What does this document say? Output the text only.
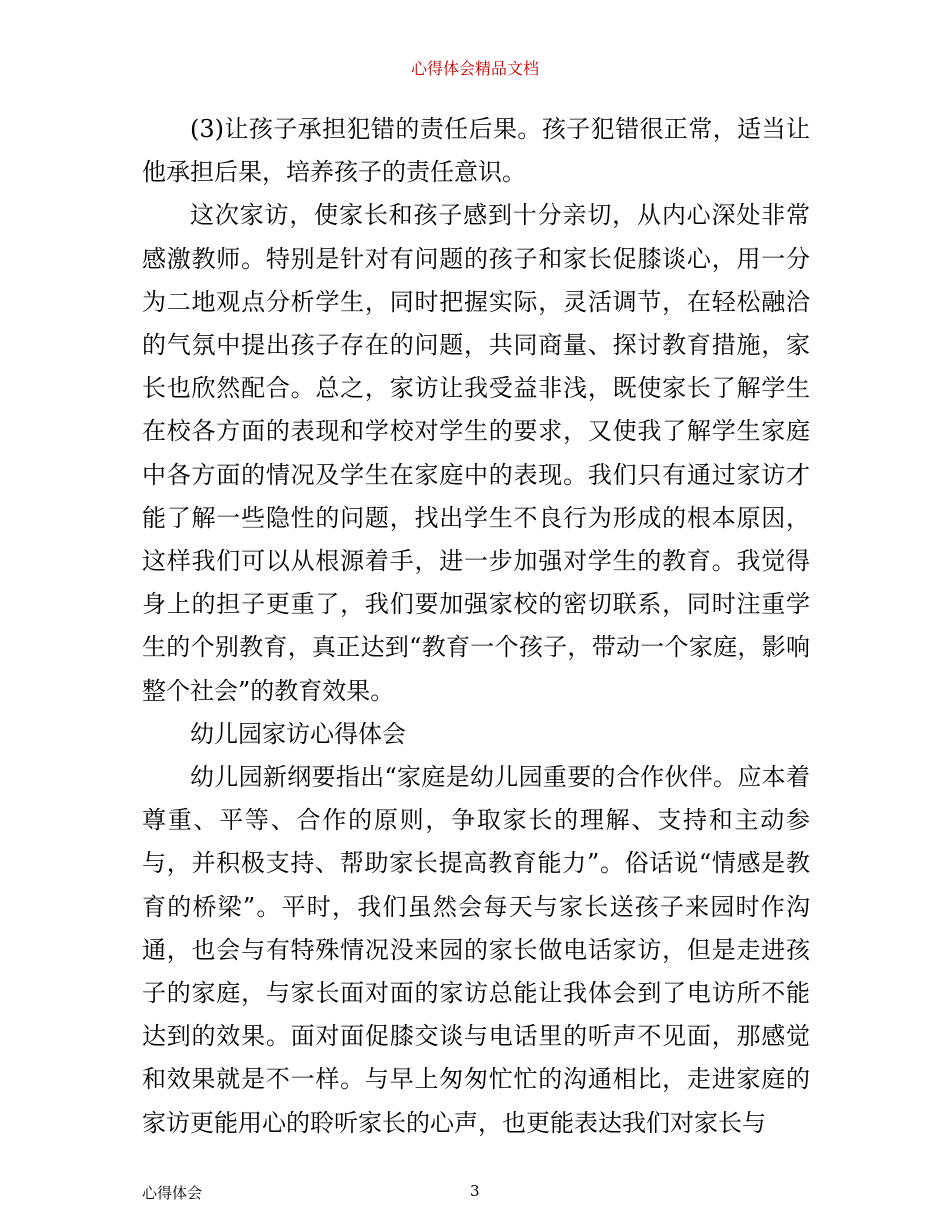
心得体会精品文档

(3)让孩子承担犯错的责任后果。孩子犯错很正常，适当让他承担后果，培养孩子的责任意识。

这次家访，使家长和孩子感到十分亲切，从内心深处非常感激教师。特别是针对有问题的孩子和家长促膝谈心，用一分为二地观点分析学生，同时把握实际，灵活调节，在轻松融洽的气氛中提出孩子存在的问题，共同商量、探讨教育措施，家长也欣然配合。总之，家访让我受益非浅，既使家长了解学生在校各方面的表现和学校对学生的要求，又使我了解学生家庭中各方面的情况及学生在家庭中的表现。我们只有通过家访才能了解一些隐性的问题，找出学生不良行为形成的根本原因，这样我们可以从根源着手，进一步加强对学生的教育。我觉得身上的担子更重了，我们要加强家校的密切联系，同时注重学生的个别教育，真正达到“教育一个孩子，带动一个家庭，影响整个社会”的教育效果。

幼儿园家访心得体会

幼儿园新纲要指出“家庭是幼儿园重要的合作伙伴。应本着尊重、平等、合作的原则，争取家长的理解、支持和主动参与，并积极支持、帮助家长提高教育能力”。俗话说“情感是教育的桥梁”。平时，我们虽然会每天与家长送孩子来园时作沟通，也会与有特殊情况没来园的家长做电话家访，但是走进孩子的家庭，与家长面对面的家访总能让我体会到了电访所不能达到的效果。面对面促膝交谈与电话里的听声不见面，那感觉和效果就是不一样。与早上匆匆忙忙的沟通相比，走进家庭的家访更能用心的聆听家长的心声，也更能表达我们对家长与

心得体会	3
